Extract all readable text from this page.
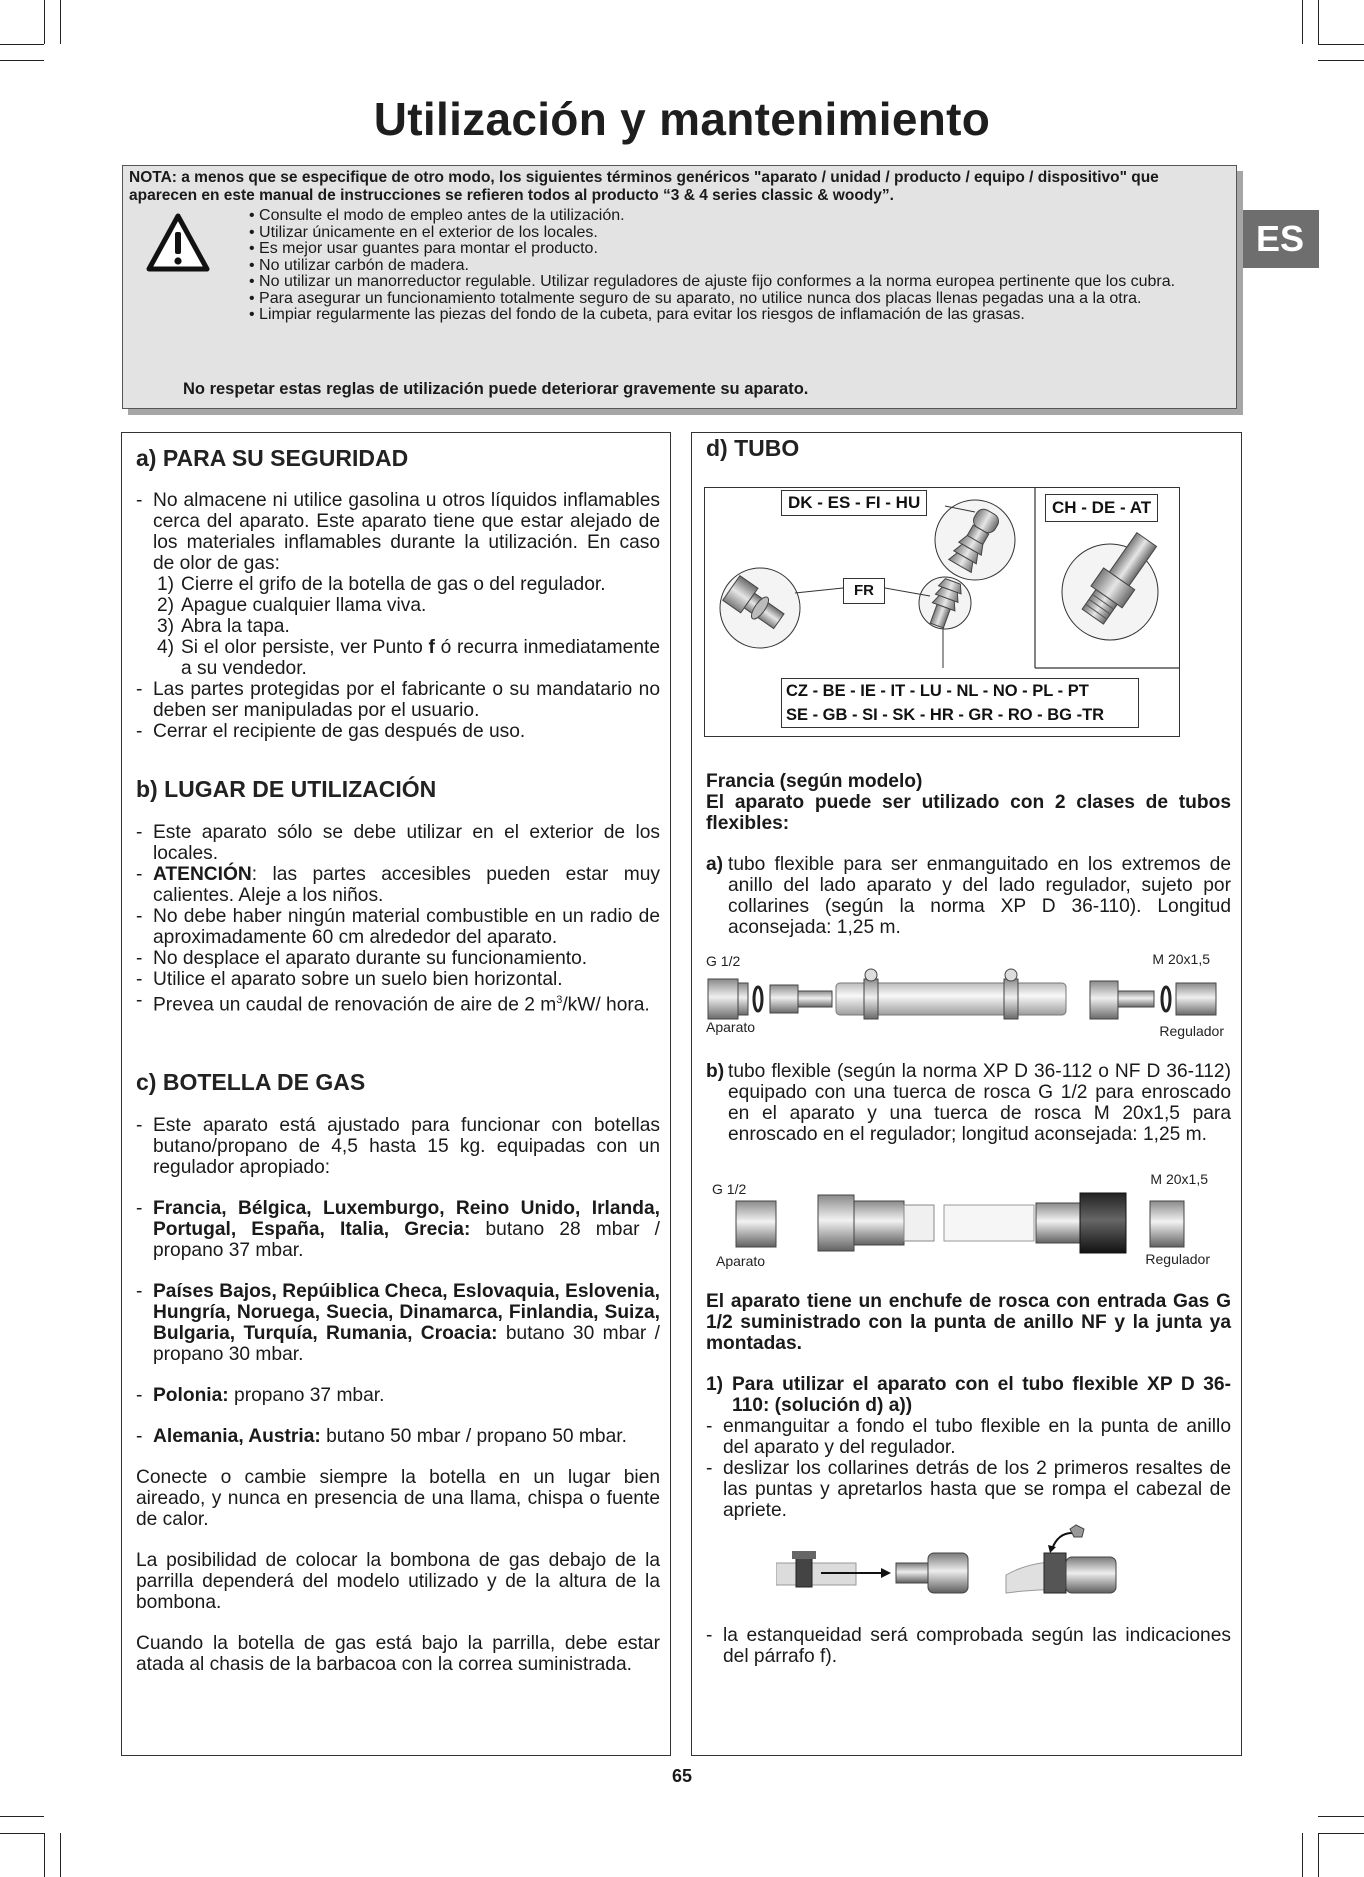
Utilización y mantenimiento
ES
NOTA: a menos que se especifique de otro modo, los siguientes términos genéricos "aparato / unidad / producto / equipo / dispositivo" que aparecen en este manual de instrucciones se refieren todos al producto “3 & 4 series classic & woody”.
• Consulte el modo de empleo antes de la utilización.
• Utilizar únicamente en el exterior de los locales.
• Es mejor usar guantes para montar el producto.
• No utilizar carbón de madera.
• No utilizar un manorreductor regulable. Utilizar reguladores de ajuste fijo conformes a la norma europea pertinente que los cubra.
• Para asegurar un funcionamiento totalmente seguro de su aparato, no utilice nunca dos placas llenas pegadas una a la otra.
• Limpiar regularmente las piezas del fondo de la cubeta, para evitar los riesgos de inflamación de las grasas.
No respetar estas reglas de utilización puede deteriorar gravemente su aparato.
a) PARA SU SEGURIDAD
- No almacene ni utilice gasolina u otros líquidos inflamables cerca del aparato. Este aparato tiene que estar alejado de los materiales inflamables durante la utilización. En caso de olor de gas:
1) Cierre el grifo de la botella de gas o del regulador.
2) Apague cualquier llama viva.
3) Abra la tapa.
4) Si el olor persiste, ver Punto f ó recurra inmediatamente a su vendedor.
- Las partes protegidas por el fabricante o su mandatario no deben ser manipuladas por el usuario.
- Cerrar el recipiente de gas después de uso.
b) LUGAR DE UTILIZACIÓN
- Este aparato sólo se debe utilizar en el exterior de los locales.
- ATENCIÓN: las partes accesibles pueden estar muy calientes. Aleje a los niños.
- No debe haber ningún material combustible en un radio de aproximadamente 60 cm alrededor del aparato.
- No desplace el aparato durante su funcionamiento.
- Utilice el aparato sobre un suelo bien horizontal.
- Prevea un caudal de renovación de aire de 2 $m^3/kW/$ hora.
c) BOTELLA DE GAS
- Este aparato está ajustado para funcionar con botellas butano/propano de 4,5 hasta 15 kg. equipadas con un regulador apropiado:
- Francia, Bélgica, Luxemburgo, Reino Unido, Irlanda, Portugal, España, Italia, Grecia: butano 28 mbar / propano 37 mbar.
- Países Bajos, Repúiblica Checa, Eslovaquia, Eslovenia, Hungría, Noruega, Suecia, Dinamarca, Finlandia, Suiza, Bulgaria, Turquía, Rumania, Croacia: butano 30 mbar / propano 30 mbar.
- Polonia: propano 37 mbar.
- Alemania, Austria: butano 50 mbar / propano 50 mbar.
Conecte o cambie siempre la botella en un lugar bien aireado, y nunca en presencia de una llama, chispa o fuente de calor.
La posibilidad de colocar la bombona de gas debajo de la parrilla dependerá del modelo utilizado y de la altura de la bombona.
Cuando la botella de gas está bajo la parrilla, debe estar atada al chasis de la barbacoa con la correa suministrada.
d) TUBO
DK - ES - FI - HU	CH - DE - AT
FR
CZ - BE - IE - IT - LU - NL - NO - PL - PT
SE - GB - SI - SK - HR - GR - RO - BG -TR
Francia (según modelo)
El aparato puede ser utilizado con 2 clases de tubos flexibles:
a) tubo flexible para ser enmanguitado en los extremos de anillo del lado aparato y del lado regulador, sujeto por collarines (según la norma XP D 36-110). Longitud aconsejada: 1,25 m.
G 1/2	M 20x1,5
Aparato	Regulador
b) tubo flexible (según la norma XP D 36-112 o NF D 36-112) equipado con una tuerca de rosca G 1/2 para enroscado en el aparato y una tuerca de rosca M 20x1,5 para enroscado en el regulador; longitud aconsejada: 1,25 m.
G 1/2
M 20x1,5
Aparato	Regulador
El aparato tiene un enchufe de rosca con entrada Gas G 1/2 suministrado con la punta de anillo NF y la junta ya montadas.
1) Para utilizar el aparato con el tubo flexible XP D 36-110: (solución d) a))
- enmanguitar a fondo el tubo flexible en la punta de anillo del aparato y del regulador.
- deslizar los collarines detrás de los 2 primeros resaltes de las puntas y apretarlos hasta que se rompa el cabezal de apriete.
- la estanqueidad será comprobada según las indicaciones del párrafo f).
65
